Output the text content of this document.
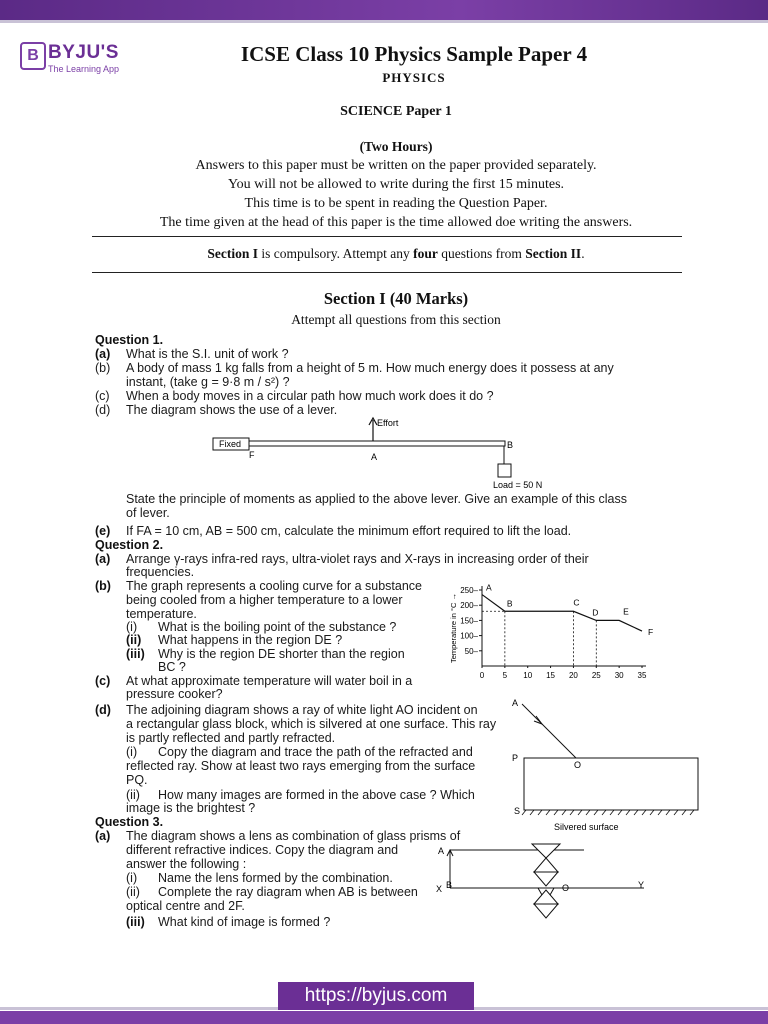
B BYJU'S
The Learning App
ICSE Class 10 Physics Sample Paper 4
PHYSICS
SCIENCE Paper 1
(Two Hours)
Answers to this paper must be written on the paper provided separately.
You will not be allowed to write during the first 15 minutes.
This time is to be spent in reading the Question Paper.
The time given at the head of this paper is the time allowed doe writing the answers.
Section I is compulsory. Attempt any four questions from Section II.
Section I (40 Marks)
Attempt all questions from this section
Question 1.
(a) What is the S.I. unit of work ?
(b) A body of mass 1 kg falls from a height of 5 m. How much energy does it possess at any
instant, (take g = 9·8 m / s²) ?
(c) When a body moves in a circular path how much work does it do ?
(d) The diagram shows the use of a lever.
Effort
Fixed	B
F	A
Load = 50 N
State the principle of moments as applied to the above lever. Give an example of this class
of lever.
(e) If FA = 10 cm, AB = 500 cm, calculate the minimum effort required to lift the load.
Question 2.
(a) Arrange γ-rays infra-red rays, ultra-violet rays and X-rays in increasing order of their
frequencies.
(b) The graph represents a cooling curve for a substance
being cooled from a higher temperature to a lower
temperature.
(i) What is the boiling point of the substance ?
(ii) What happens in the region DE ?
(iii) Why is the region DE shorter than the region
BC ?
50–
100–
150–
200–
250–
0 5 10 15 20 25 30 35
Temperature in °C →
A
B	C
D	E
F
(c) At what approximate temperature will water boil in a
pressure cooker?
(d) The adjoining diagram shows a ray of white light AO incident on
a rectangular glass block, which is silvered at one surface. This ray
is partly reflected and partly refracted.
(i) Copy the diagram and trace the path of the refracted and
reflected ray. Show at least two rays emerging from the surface
PQ.
(ii) How many images are formed in the above case ? Which
image is the brightest ?
A
P
O
S
Silvered surface
Question 3.
(a) The diagram shows a lens as combination of glass prisms of
different refractive indices. Copy the diagram and
answer the following :
(i) Name the lens formed by the combination.
(ii) Complete the ray diagram when AB is between
optical centre and 2F.
(iii) What kind of image is formed ?
A
X B	O	Y
https://byjus.com
